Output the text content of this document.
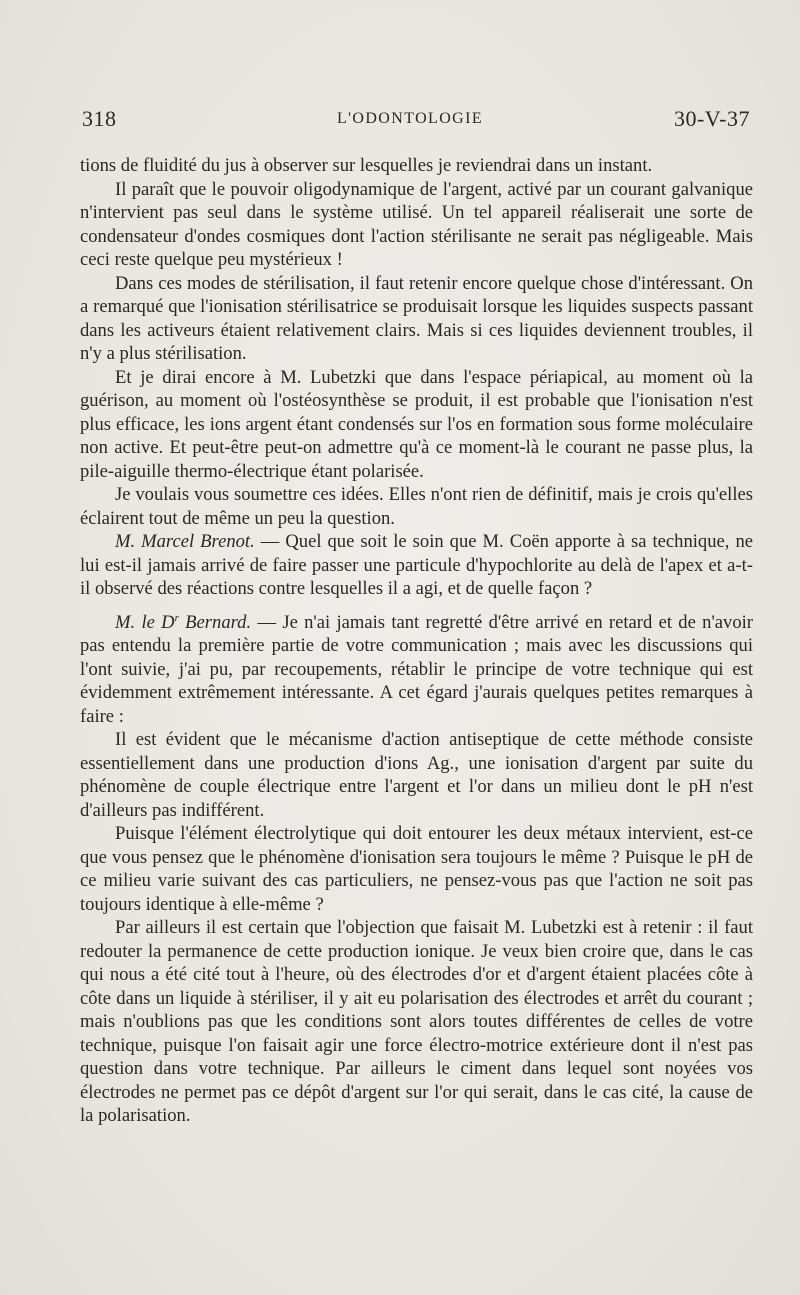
318	L'ODONTOLOGIE	30-V-37

tions de fluidité du jus à observer sur lesquelles je reviendrai dans un instant.

Il paraît que le pouvoir oligodynamique de l'argent, activé par un courant galvanique n'intervient pas seul dans le système utilisé. Un tel appareil réaliserait une sorte de condensateur d'ondes cosmiques dont l'action stérilisante ne serait pas négligeable. Mais ceci reste quelque peu mystérieux !

Dans ces modes de stérilisation, il faut retenir encore quelque chose d'intéressant. On a remarqué que l'ionisation stérilisatrice se produisait lorsque les liquides suspects passant dans les activeurs étaient relativement clairs. Mais si ces liquides deviennent troubles, il n'y a plus stérilisation.

Et je dirai encore à M. Lubetzki que dans l'espace périapical, au moment où la guérison, au moment où l'ostéosynthèse se produit, il est probable que l'ionisation n'est plus efficace, les ions argent étant condensés sur l'os en formation sous forme moléculaire non active. Et peut-être peut-on admettre qu'à ce moment-là le courant ne passe plus, la pile-aiguille thermo-électrique étant polarisée.

Je voulais vous soumettre ces idées. Elles n'ont rien de définitif, mais je crois qu'elles éclairent tout de même un peu la question.

M. Marcel Brenot. — Quel que soit le soin que M. Coën apporte à sa technique, ne lui est-il jamais arrivé de faire passer une particule d'hypochlorite au delà de l'apex et a-t-il observé des réactions contre lesquelles il a agi, et de quelle façon ?

M. le $D^r$ Bernard. — Je n'ai jamais tant regretté d'être arrivé en retard et de n'avoir pas entendu la première partie de votre communication ; mais avec les discussions qui l'ont suivie, j'ai pu, par recoupements, rétablir le principe de votre technique qui est évidemment extrêmement intéressante. A cet égard j'aurais quelques petites remarques à faire :

Il est évident que le mécanisme d'action antiseptique de cette méthode consiste essentiellement dans une production d'ions Ag., une ionisation d'argent par suite du phénomène de couple électrique entre l'argent et l'or dans un milieu dont le pH n'est d'ailleurs pas indifférent.

Puisque l'élément électrolytique qui doit entourer les deux métaux intervient, est-ce que vous pensez que le phénomène d'ionisation sera toujours le même ? Puisque le pH de ce milieu varie suivant des cas particuliers, ne pensez-vous pas que l'action ne soit pas toujours identique à elle-même ?

Par ailleurs il est certain que l'objection que faisait M. Lubetzki est à retenir : il faut redouter la permanence de cette production ionique. Je veux bien croire que, dans le cas qui nous a été cité tout à l'heure, où des électrodes d'or et d'argent étaient placées côte à côte dans un liquide à stériliser, il y ait eu polarisation des électrodes et arrêt du courant ; mais n'oublions pas que les conditions sont alors toutes différentes de celles de votre technique, puisque l'on faisait agir une force électro-motrice extérieure dont il n'est pas question dans votre technique. Par ailleurs le ciment dans lequel sont noyées vos électrodes ne permet pas ce dépôt d'argent sur l'or qui serait, dans le cas cité, la cause de la polarisation.
